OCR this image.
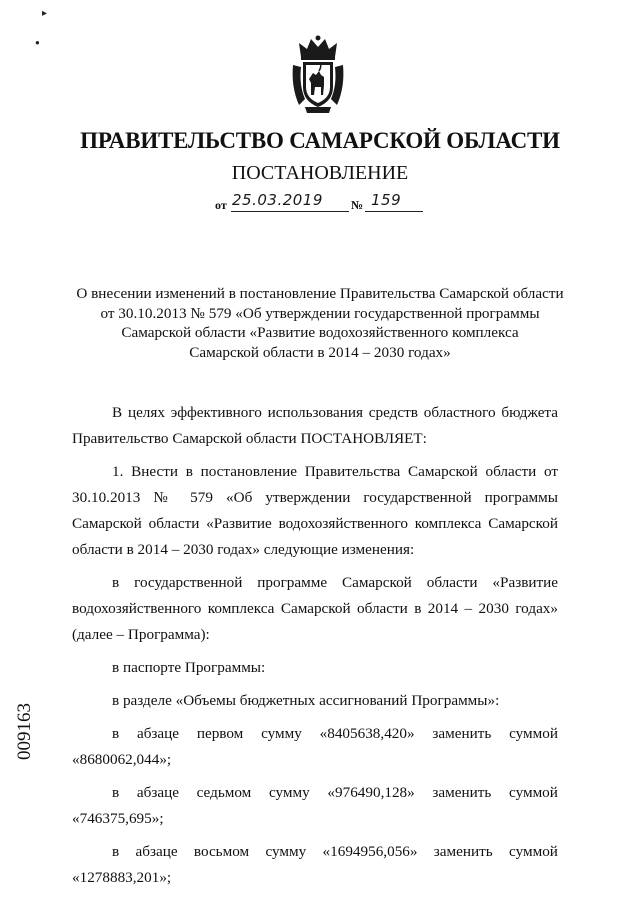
▸
●
ПРАВИТЕЛЬСТВО САМАРСКОЙ ОБЛАСТИ
ПОСТАНОВЛЕНИЕ
от 25.03.2019 № 159
О внесении изменений в постановление Правительства Самарской области
от 30.10.2013 № 579 «Об утверждении государственной программы
Самарской области «Развитие водохозяйственного комплекса
Самарской области в 2014 – 2030 годах»

В целях эффективного использования средств областного бюджета Правительство Самарской области ПОСТАНОВЛЯЕТ:

1. Внести в постановление Правительства Самарской области от 30.10.2013 № 579 «Об утверждении государственной программы Самарской области «Развитие водохозяйственного комплекса Самарской области в 2014 – 2030 годах» следующие изменения:

в государственной программе Самарской области «Развитие водохозяйственного комплекса Самарской области в 2014 – 2030 годах» (далее – Программа):

в паспорте Программы:

в разделе «Объемы бюджетных ассигнований Программы»:

в абзаце первом сумму «8405638,420» заменить суммой
«8680062,044»;
в абзаце седьмом сумму «976490,128» заменить суммой
«746375,695»;
в абзаце восьмом сумму «1694956,056» заменить суммой
«1278883,201»;
009163
